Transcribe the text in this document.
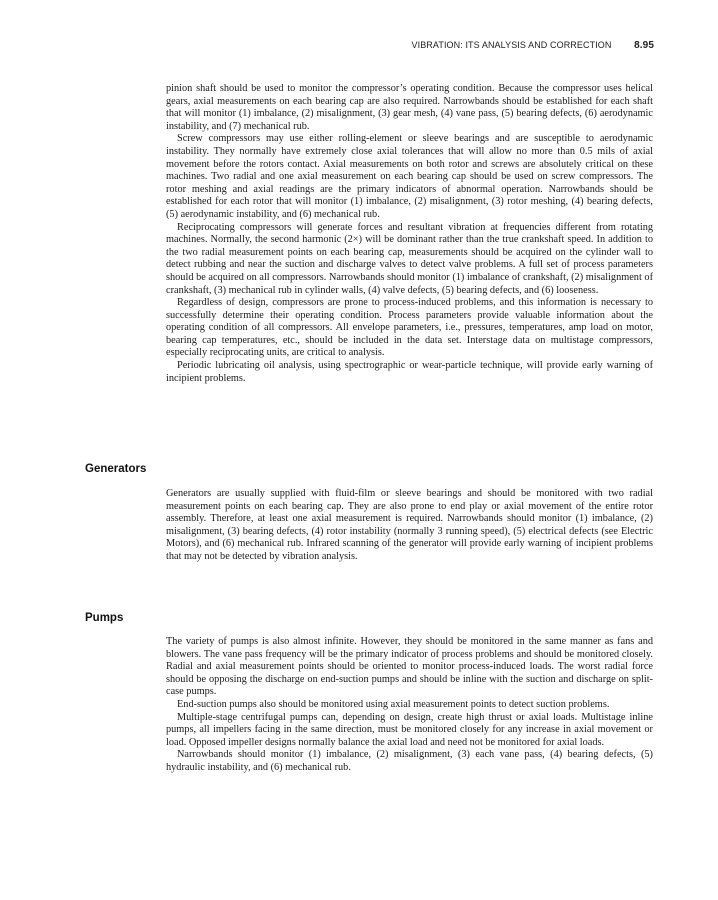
VIBRATION: ITS ANALYSIS AND CORRECTION 8.95

pinion shaft should be used to monitor the compressor’s operating condition. Because the compressor uses helical gears, axial measurements on each bearing cap are also required. Narrowbands should be established for each shaft that will monitor (1) imbalance, (2) misalignment, (3) gear mesh, (4) vane pass, (5) bearing defects, (6) aerodynamic instability, and (7) mechanical rub.

Screw compressors may use either rolling-element or sleeve bearings and are susceptible to aerodynamic instability. They normally have extremely close axial tolerances that will allow no more than 0.5 mils of axial movement before the rotors contact. Axial measurements on both rotor and screws are absolutely critical on these machines. Two radial and one axial measurement on each bearing cap should be used on screw compressors. The rotor meshing and axial readings are the primary indicators of abnormal operation. Narrowbands should be established for each rotor that will monitor (1) imbalance, (2) misalignment, (3) rotor meshing, (4) bearing defects, (5) aerodynamic instability, and (6) mechanical rub.

Reciprocating compressors will generate forces and resultant vibration at frequencies different from rotating machines. Normally, the second harmonic (2×) will be dominant rather than the true crankshaft speed. In addition to the two radial measurement points on each bearing cap, measurements should be acquired on the cylinder wall to detect rubbing and near the suction and discharge valves to detect valve problems. A full set of process parameters should be acquired on all compressors. Narrowbands should monitor (1) imbalance of crankshaft, (2) misalignment of crankshaft, (3) mechanical rub in cylinder walls, (4) valve defects, (5) bearing defects, and (6) looseness.

Regardless of design, compressors are prone to process-induced problems, and this information is necessary to successfully determine their operating condition. Process parameters provide valuable information about the operating condition of all compressors. All envelope parameters, i.e., pressures, temperatures, amp load on motor, bearing cap temperatures, etc., should be included in the data set. Interstage data on multistage compressors, especially reciprocating units, are critical to analysis.

Periodic lubricating oil analysis, using spectrographic or wear-particle technique, will provide early warning of incipient problems.

Generators

Generators are usually supplied with fluid-film or sleeve bearings and should be monitored with two radial measurement points on each bearing cap. They are also prone to end play or axial movement of the entire rotor assembly. Therefore, at least one axial measurement is required. Narrowbands should monitor (1) imbalance, (2) misalignment, (3) bearing defects, (4) rotor instability (normally 3 running speed), (5) electrical defects (see Electric Motors), and (6) mechanical rub. Infrared scanning of the generator will provide early warning of incipient problems that may not be detected by vibration analysis.

Pumps

The variety of pumps is also almost infinite. However, they should be monitored in the same manner as fans and blowers. The vane pass frequency will be the primary indicator of process problems and should be monitored closely. Radial and axial measurement points should be oriented to monitor process-induced loads. The worst radial force should be opposing the discharge on end-suction pumps and should be inline with the suction and discharge on split-case pumps.

End-suction pumps also should be monitored using axial measurement points to detect suction problems.

Multiple-stage centrifugal pumps can, depending on design, create high thrust or axial loads. Multistage inline pumps, all impellers facing in the same direction, must be monitored closely for any increase in axial movement or load. Opposed impeller designs normally balance the axial load and need not be monitored for axial loads.

Narrowbands should monitor (1) imbalance, (2) misalignment, (3) each vane pass, (4) bearing defects, (5) hydraulic instability, and (6) mechanical rub.
